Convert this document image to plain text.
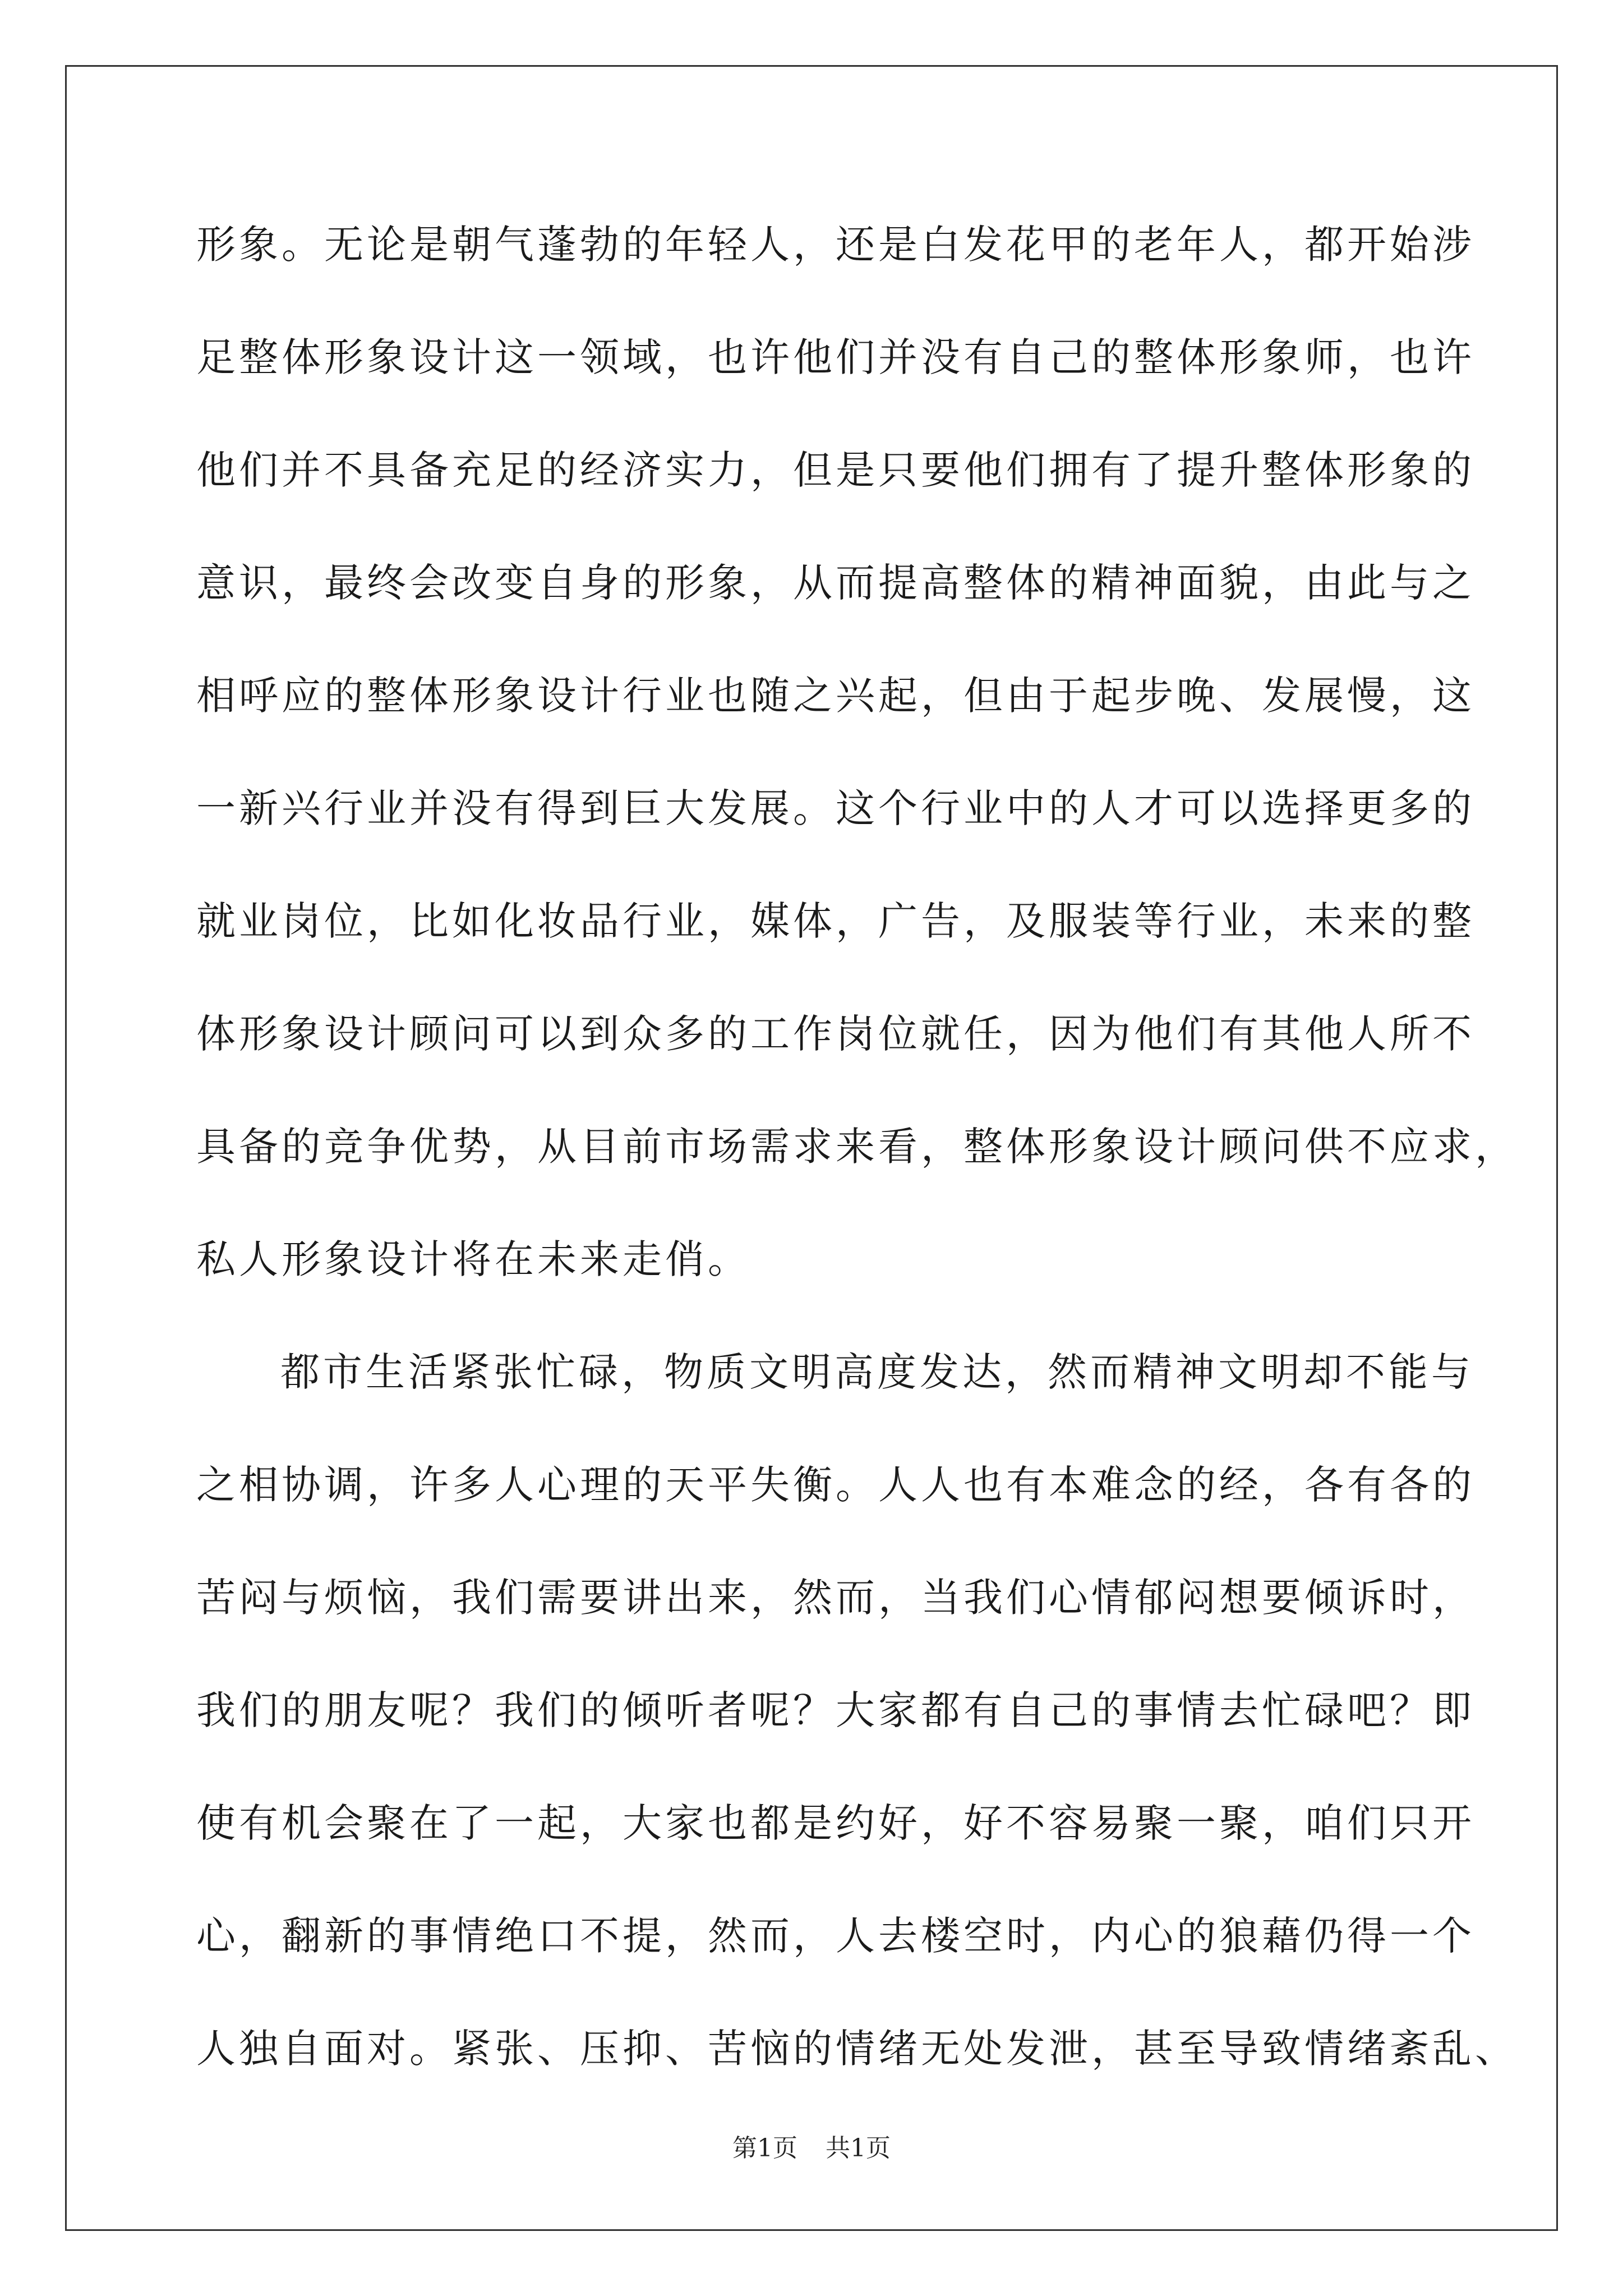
形象。无论是朝气蓬勃的年轻人，还是白发花甲的老年人，都开始涉
足整体形象设计这一领域，也许他们并没有自己的整体形象师，也许
他们并不具备充足的经济实力，但是只要他们拥有了提升整体形象的
意识，最终会改变自身的形象，从而提高整体的精神面貌，由此与之
相呼应的整体形象设计行业也随之兴起，但由于起步晚、发展慢，这
一新兴行业并没有得到巨大发展。这个行业中的人才可以选择更多的
就业岗位，比如化妆品行业，媒体，广告，及服装等行业，未来的整
体形象设计顾问可以到众多的工作岗位就任，因为他们有其他人所不
具备的竞争优势，从目前市场需求来看，整体形象设计顾问供不应求，
私人形象设计将在未来走俏。
都市生活紧张忙碌，物质文明高度发达，然而精神文明却不能与
之相协调，许多人心理的天平失衡。人人也有本难念的经，各有各的
苦闷与烦恼，我们需要讲出来，然而，当我们心情郁闷想要倾诉时，
我们的朋友呢？我们的倾听者呢？大家都有自己的事情去忙碌吧？即
使有机会聚在了一起，大家也都是约好，好不容易聚一聚，咱们只开
心，翻新的事情绝口不提，然而，人去楼空时，内心的狼藉仍得一个
人独自面对。紧张、压抑、苦恼的情绪无处发泄，甚至导致情绪紊乱、
第1页 共1页
